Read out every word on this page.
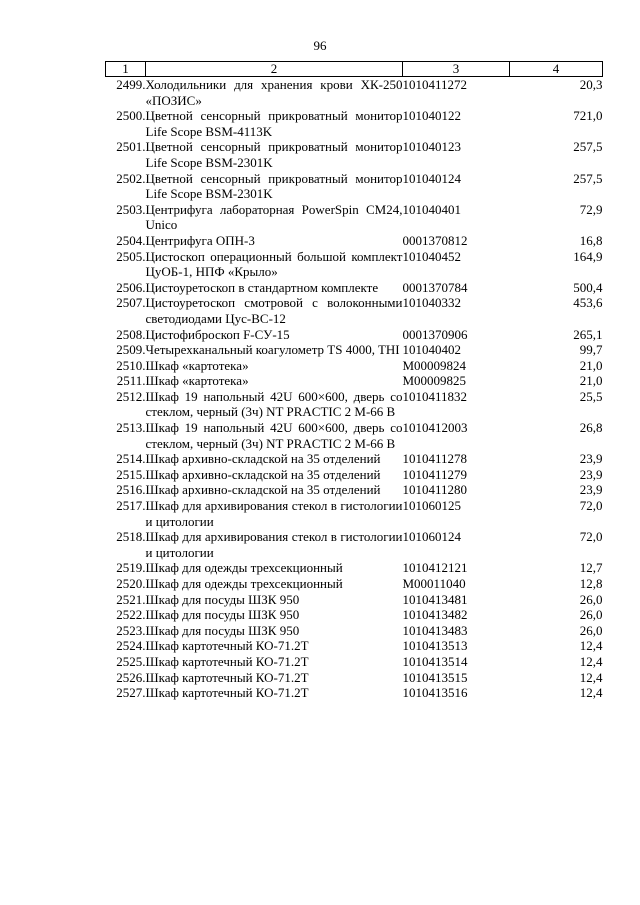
96
1	2	3	4
2499.	Холодильники для хранения крови ХК-250 «ПОЗИС»	1010411272	20,3
2500.	Цветной сенсорный прикроватный монитор Life Scope BSM-4113K	101040122	721,0
2501.	Цветной сенсорный прикроватный монитор Life Scope BSM-2301K	101040123	257,5
2502.	Цветной сенсорный прикроватный монитор Life Scope BSM-2301K	101040124	257,5
2503.	Центрифуга лабораторная PowerSpin CM24, Unico	101040401	72,9
2504.	Центрифуга ОПН-3	0001370812	16,8
2505.	Цистоскоп операционный большой комплект ЦуОБ-1, НПФ «Крыло»	101040452	164,9
2506.	Цистоуретоскоп в стандартном комплекте	0001370784	500,4
2507.	Цистоуретоскоп смотровой с волоконными светодиодами Цус-ВС-12	101040332	453,6
2508.	Цистофиброскоп F-СУ-15	0001370906	265,1
2509.	Четырехканальный коагулометр TS 4000, THI	101040402	99,7
2510.	Шкаф «картотека»	М00009824	21,0
2511.	Шкаф «картотека»	М00009825	21,0
2512.	Шкаф 19 напольный 42U 600×600, дверь со стеклом, черный (3ч) NT PRACTIC 2 M-66 B	1010411832	25,5
2513.	Шкаф 19 напольный 42U 600×600, дверь со стеклом, черный (3ч) NT PRACTIC 2 M-66 B	1010412003	26,8
2514.	Шкаф архивно-складской на 35 отделений	1010411278	23,9
2515.	Шкаф архивно-складской на 35 отделений	1010411279	23,9
2516.	Шкаф архивно-складской на 35 отделений	1010411280	23,9
2517.	Шкаф для архивирования стекол в гистологии и цитологии	101060125	72,0
2518.	Шкаф для архивирования стекол в гистологии и цитологии	101060124	72,0
2519.	Шкаф для одежды трехсекционный	1010412121	12,7
2520.	Шкаф для одежды трехсекционный	М00011040	12,8
2521.	Шкаф для посуды ШЗК 950	1010413481	26,0
2522.	Шкаф для посуды ШЗК 950	1010413482	26,0
2523.	Шкаф для посуды ШЗК 950	1010413483	26,0
2524.	Шкаф картотечный КО-71.2Т	1010413513	12,4
2525.	Шкаф картотечный КО-71.2Т	1010413514	12,4
2526.	Шкаф картотечный КО-71.2Т	1010413515	12,4
2527.	Шкаф картотечный КО-71.2Т	1010413516	12,4
